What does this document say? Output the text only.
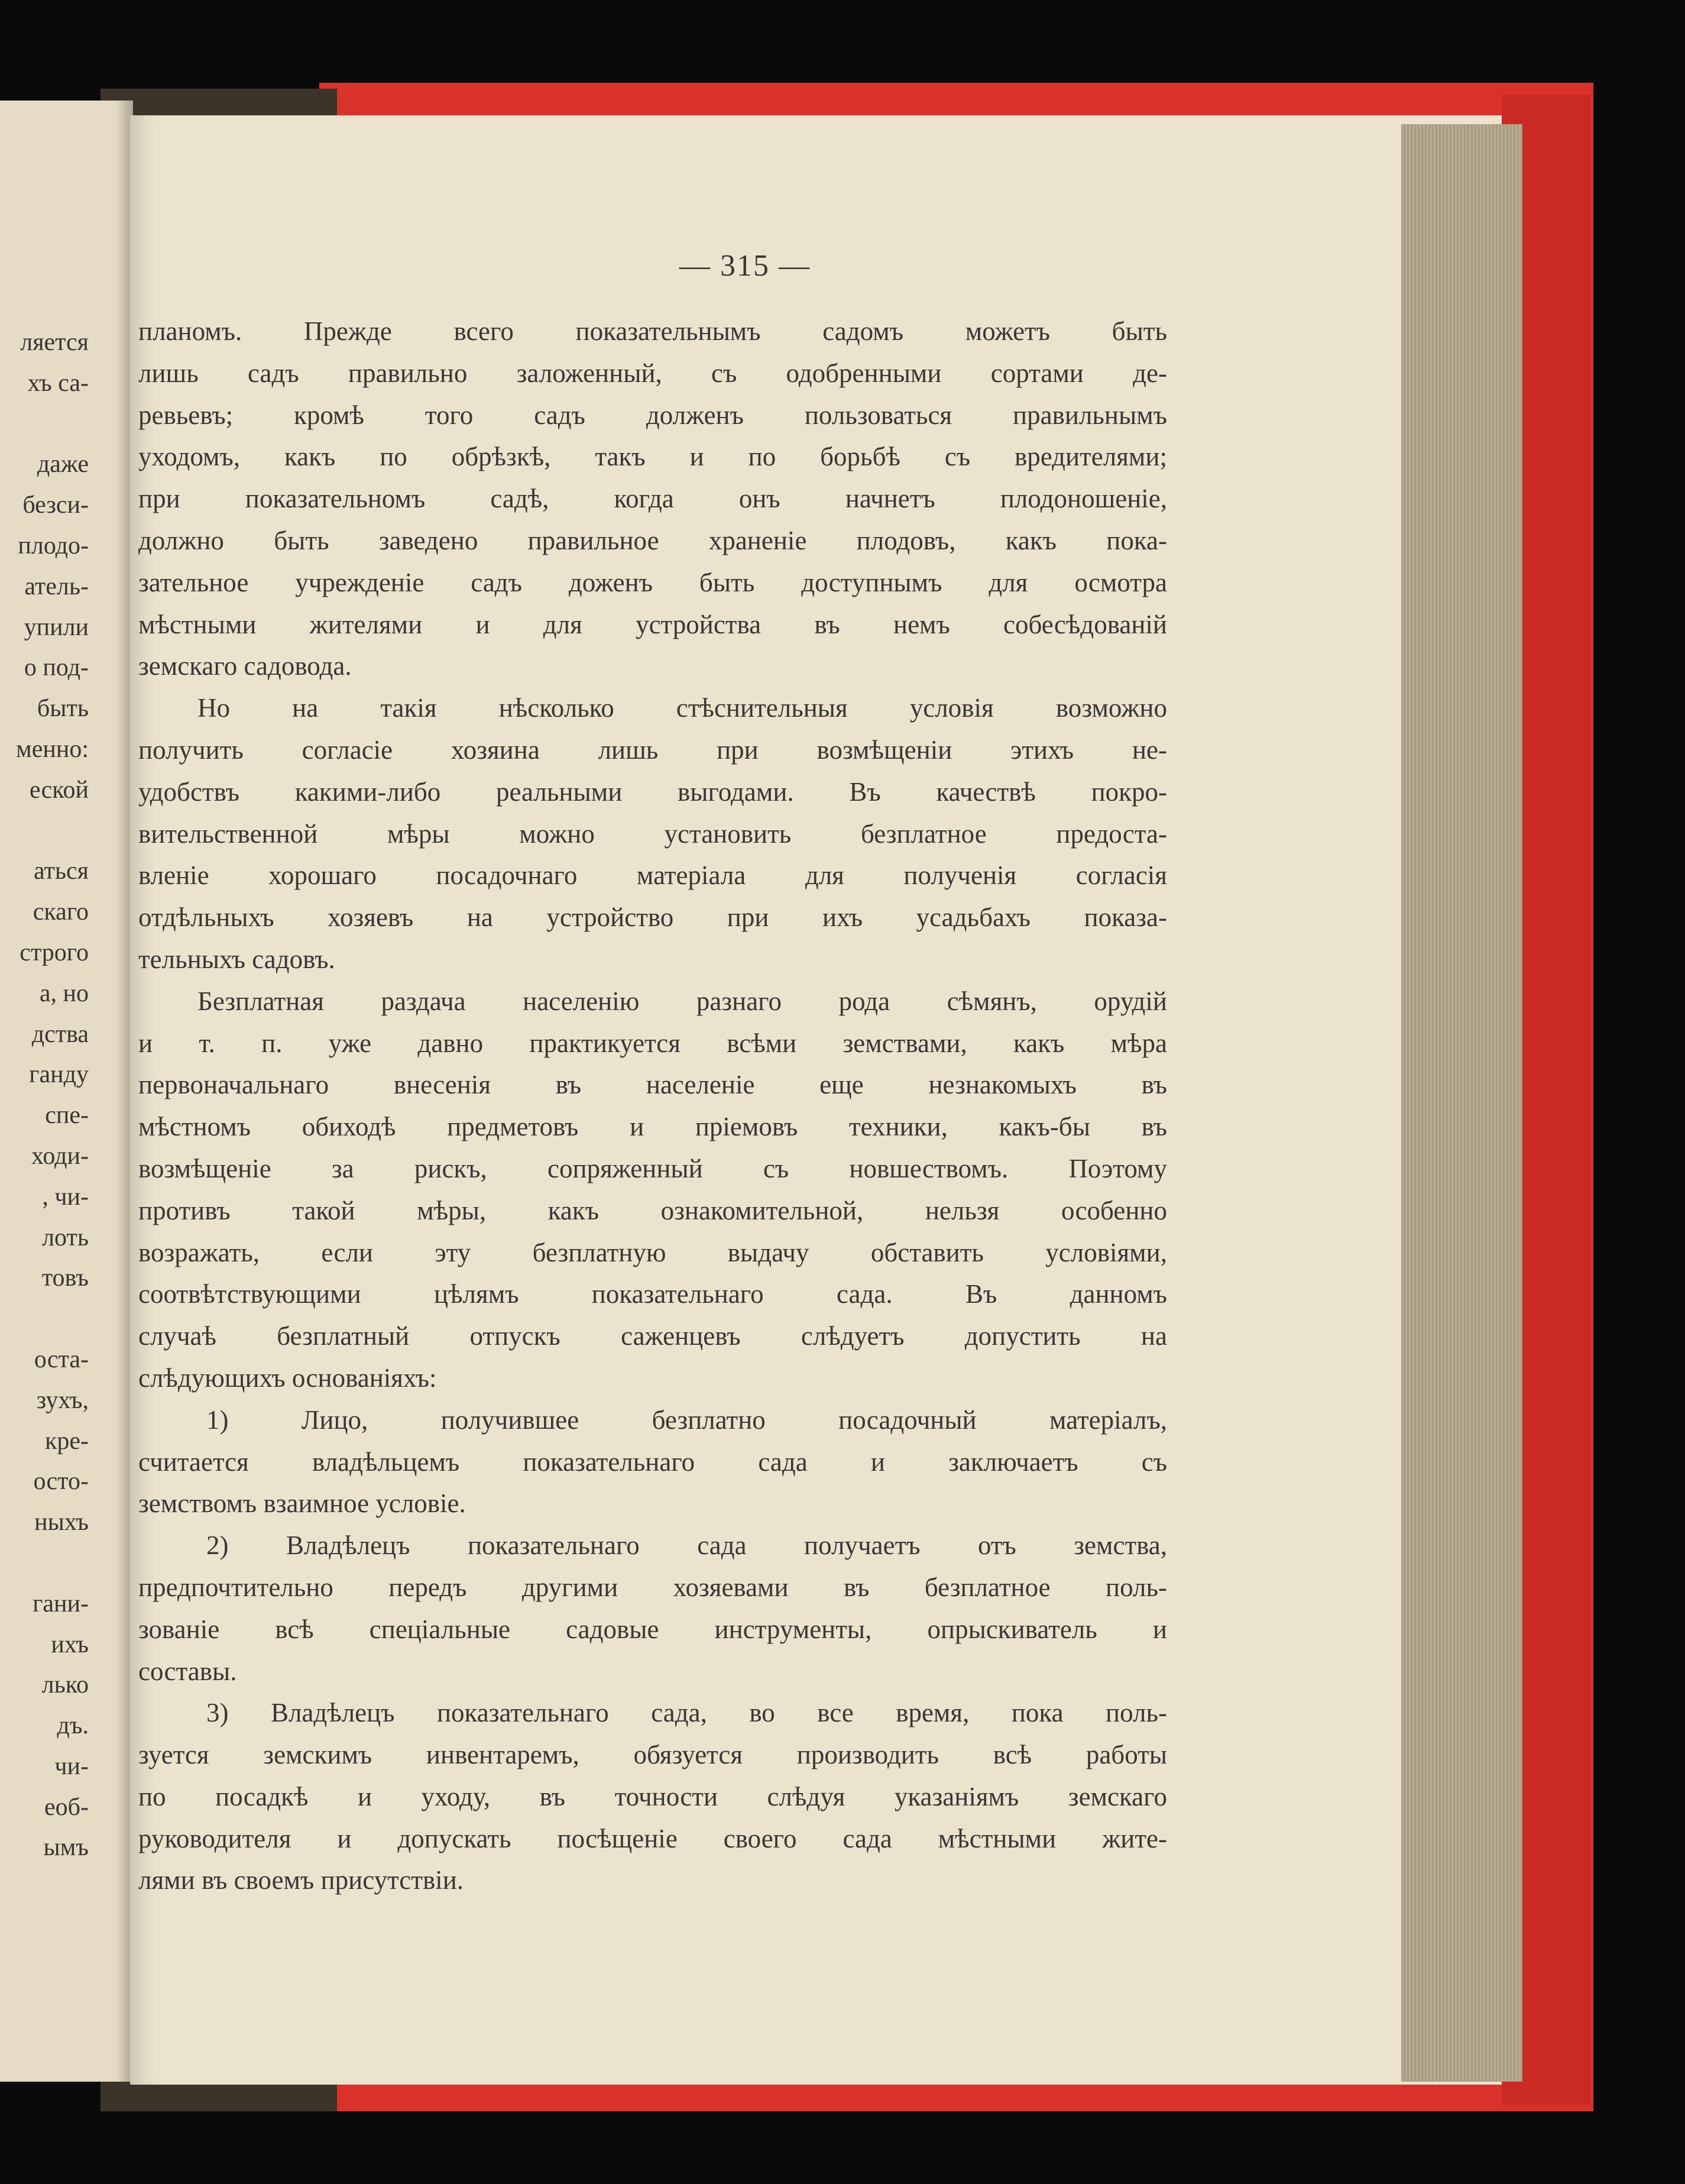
ляется
хъ са-
даже
безси-
плодо-
атель-
упили
о под-
быть
менно:
еской
аться
скаго
строго
а, но
дства
ганду
спе-
ходи-
, чи-
лоть
товъ
оста-
зухъ,
кре-
осто-
ныхъ
гани-
ихъ
лько
дъ.
чи-
еоб-
ымъ
— 315 —
планомъ. Прежде всего показательнымъ садомъ можетъ быть
лишь садъ правильно заложенный, съ одобренными сортами де-
ревьевъ; кромѣ того садъ долженъ пользоваться правильнымъ
уходомъ, какъ по обрѣзкѣ, такъ и по борьбѣ съ вредителями;
при показательномъ садѣ, когда онъ начнетъ плодоношеніе,
должно быть заведено правильное храненіе плодовъ, какъ пока-
зательное учрежденіе садъ доженъ быть доступнымъ для осмотра
мѣстными жителями и для устройства въ немъ собесѣдованій
земскаго садовода.
Но на такія нѣсколько стѣснительныя условія возможно
получить согласіе хозяина лишь при возмѣщеніи этихъ не-
удобствъ какими-либо реальными выгодами. Въ качествѣ покро-
вительственной мѣры можно установить безплатное предоста-
вленіе хорошаго посадочнаго матеріала для полученія согласія
отдѣльныхъ хозяевъ на устройство при ихъ усадьбахъ показа-
тельныхъ садовъ.
Безплатная раздача населенію разнаго рода сѣмянъ, орудій
и т. п. уже давно практикуется всѣми земствами, какъ мѣра
первоначальнаго внесенія въ населеніе еще незнакомыхъ въ
мѣстномъ обиходѣ предметовъ и пріемовъ техники, какъ-бы въ
возмѣщеніе за рискъ, сопряженный съ новшествомъ. Поэтому
противъ такой мѣры, какъ ознакомительной, нельзя особенно
возражать, если эту безплатную выдачу обставить условіями,
соотвѣтствующими цѣлямъ показательнаго сада. Въ данномъ
случаѣ безплатный отпускъ саженцевъ слѣдуетъ допустить на
слѣдующихъ основаніяхъ:
1) Лицо, получившее безплатно посадочный матеріалъ,
считается владѣльцемъ показательнаго сада и заключаетъ съ
земствомъ взаимное условіе.
2) Владѣлецъ показательнаго сада получаетъ отъ земства,
предпочтительно передъ другими хозяевами въ безплатное поль-
зованіе всѣ спеціальные садовые инструменты, опрыскиватель и
составы.
3) Владѣлецъ показательнаго сада, во все время, пока поль-
зуется земскимъ инвентаремъ, обязуется производить всѣ работы
по посадкѣ и уходу, въ точности слѣдуя указаніямъ земскаго
руководителя и допускать посѣщеніе своего сада мѣстными жите-
лями въ своемъ присутствіи.
